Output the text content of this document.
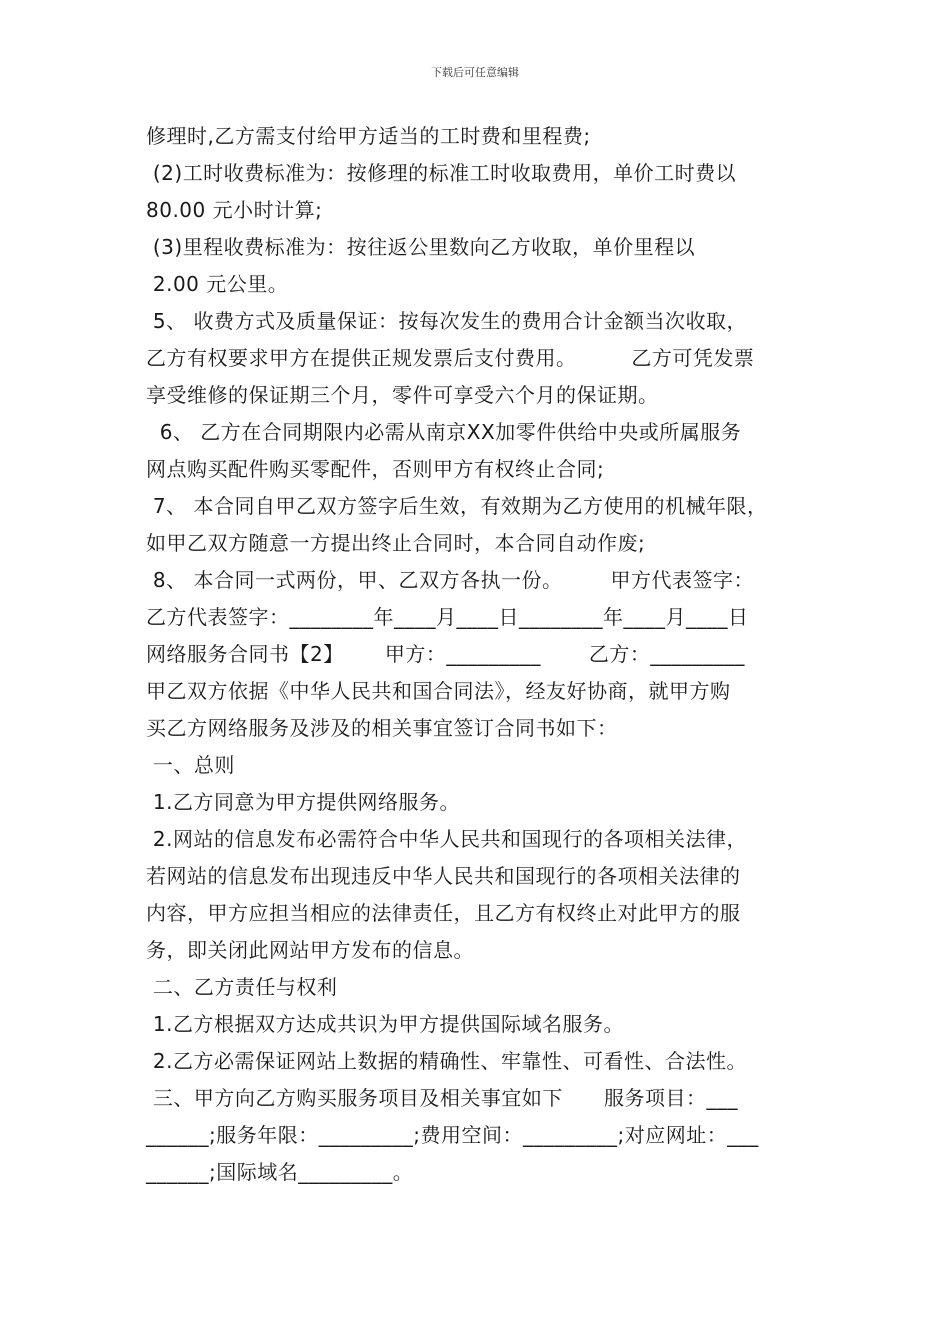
下载后可任意编辑
修理时,乙方需支付给甲方适当的工时费和里程费;
(2)工时收费标准为：按修理的标准工时收取费用，单价工时费以
80.00 元小时计算;
(3)里程收费标准为：按往返公里数向乙方收取，单价里程以
2.00 元公里。
5、 收费方式及质量保证：按每次发生的费用合计金额当次收取，
乙方有权要求甲方在提供正规发票后支付费用。        乙方可凭发票
享受维修的保证期三个月，零件可享受六个月的保证期。
6、 乙方在合同期限内必需从南京XX加零件供给中央或所属服务
网点购买配件购买零配件，否则甲方有权终止合同;
7、 本合同自甲乙双方签字后生效，有效期为乙方使用的机械年限，
如甲乙双方随意一方提出终止合同时，本合同自动作废;
8、 本合同一式两份，甲、乙双方各执一份。       甲方代表签字：
乙方代表签字：________年____月____日________年____月____日
网络服务合同书【2】      甲方：_________       乙方：_________
甲乙双方依据《中华人民共和国合同法》，经友好协商，就甲方购
买乙方网络服务及涉及的相关事宜签订合同书如下：
一、总则
1.乙方同意为甲方提供网络服务。
2.网站的信息发布必需符合中华人民共和国现行的各项相关法律，
若网站的信息发布出现违反中华人民共和国现行的各项相关法律的
内容，甲方应担当相应的法律责任，且乙方有权终止对此甲方的服
务，即关闭此网站甲方发布的信息。
二、乙方责任与权利
1.乙方根据双方达成共识为甲方提供国际域名服务。
2.乙方必需保证网站上数据的精确性、牢靠性、可看性、合法性。
三、甲方向乙方购买服务项目及相关事宜如下      服务项目：___
______;服务年限：_________;费用空间：_________;对应网址：___
______;国际域名_________。
